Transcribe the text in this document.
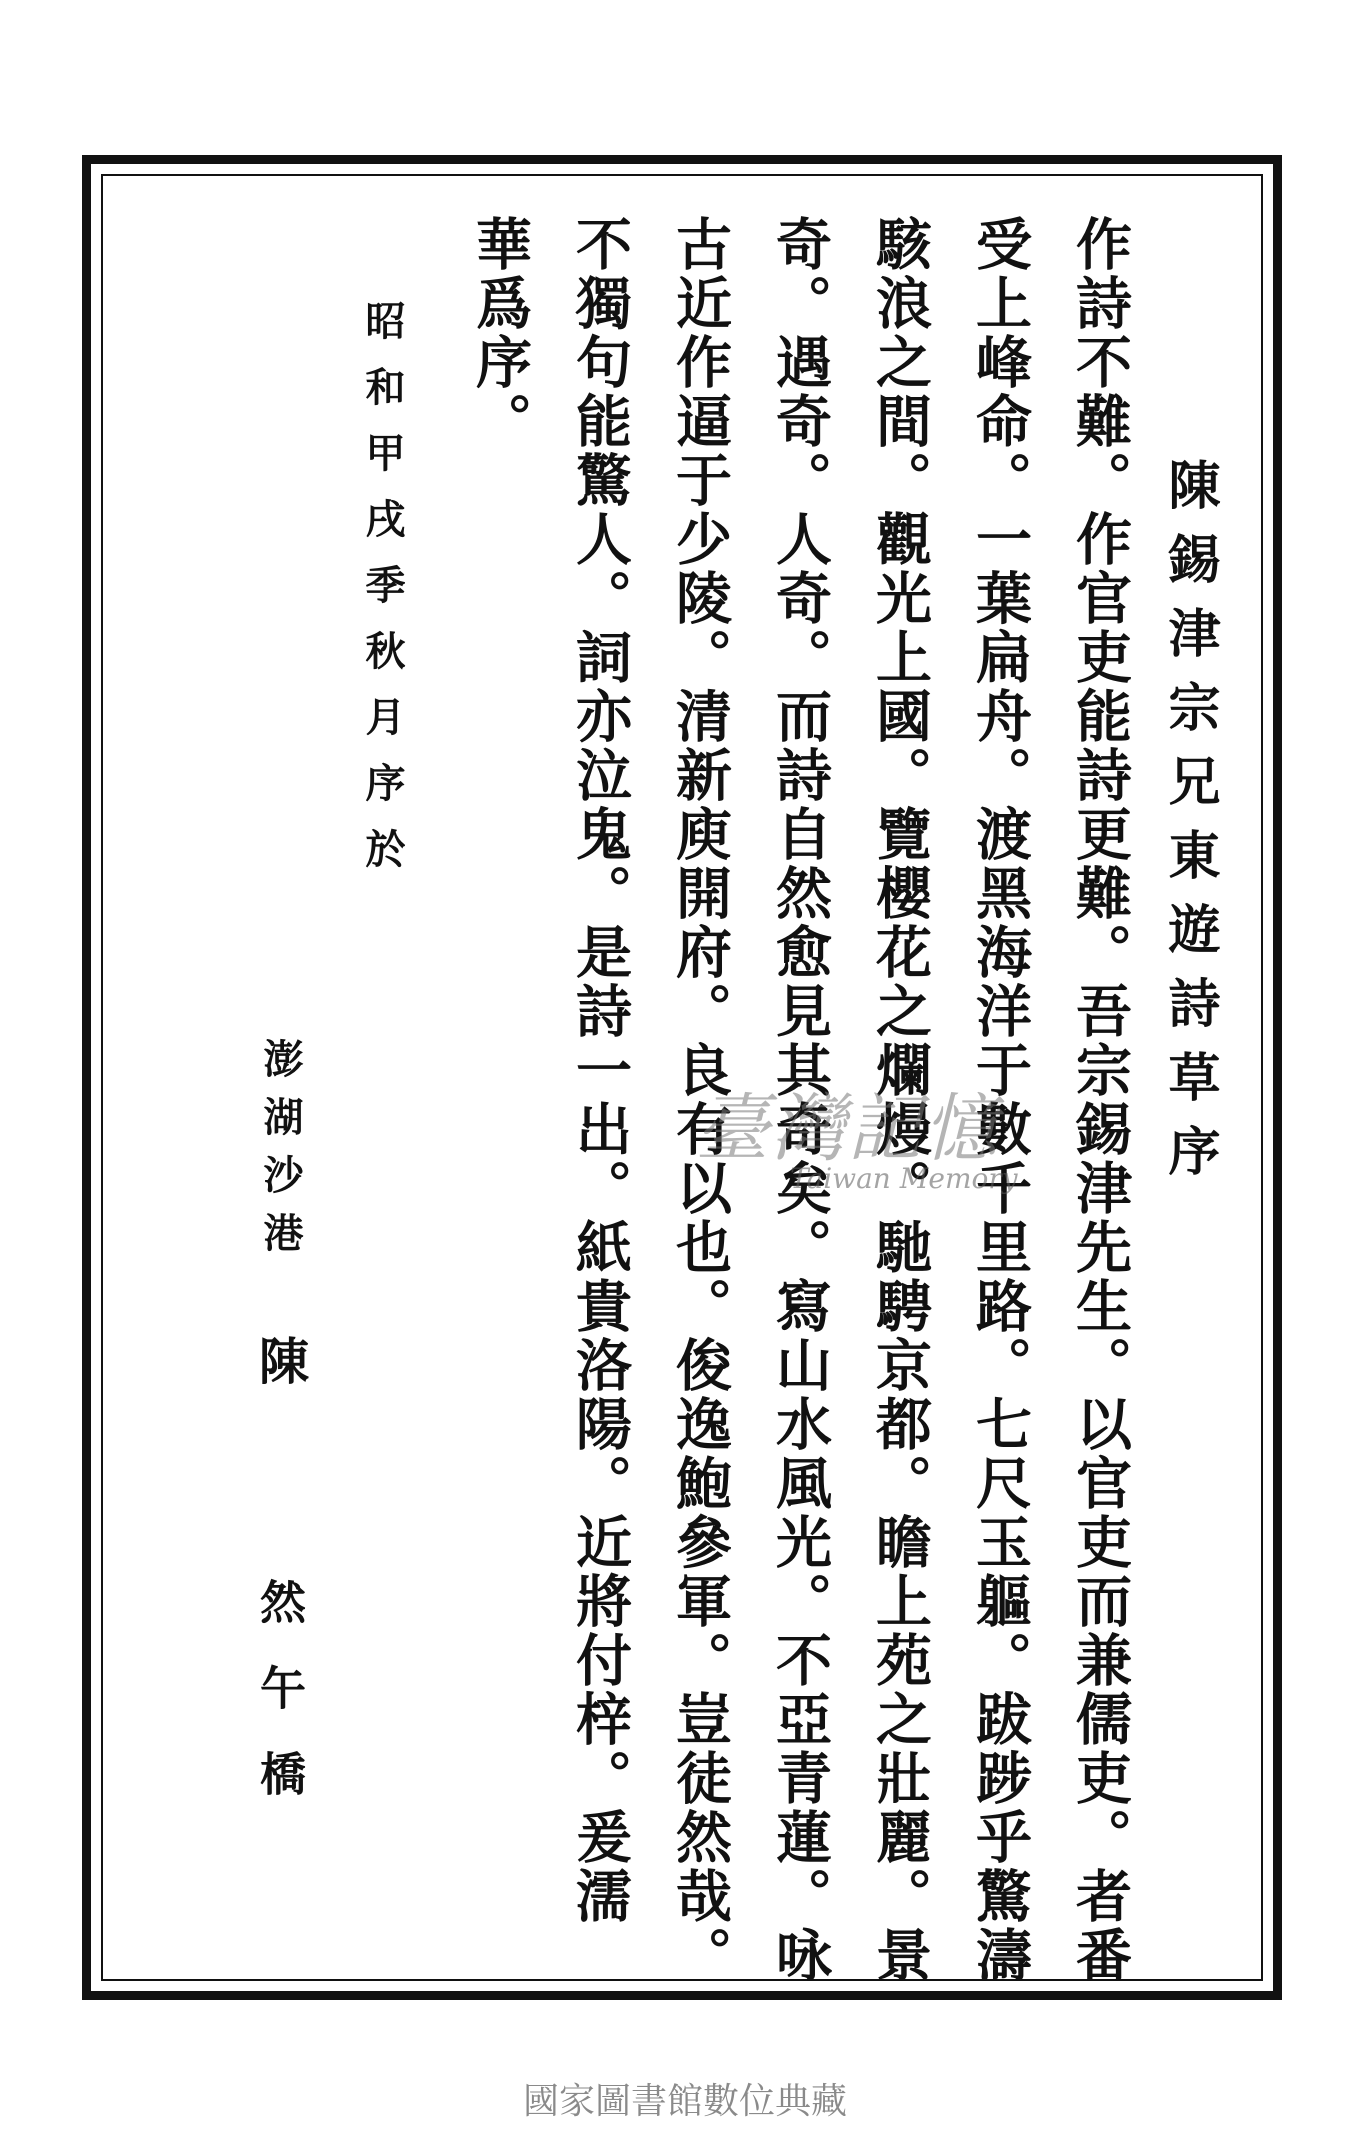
陳錫津宗兄東遊詩草序
作詩不難。作官吏能詩更難。吾宗錫津先生。以官吏而兼儒吏。者番
受上峰命。一葉扁舟。渡黑海洋于數千里路。七尺玉軀。跋踄乎驚濤
駭浪之間。觀光上國。覽櫻花之爛熳。馳騁京都。瞻上苑之壯麗。景
奇。遇奇。人奇。而詩自然愈見其奇矣。寫山水風光。不亞青蓮。咏
古近作逼于少陵。清新庾開府。良有以也。俊逸鮑參軍。豈徒然哉。
不獨句能驚人。詞亦泣鬼。是詩一出。紙貴洛陽。近將付梓。爰濡
華爲序。
昭和甲戌季秋月序於
澎湖沙港
陳
然午橋
臺灣記憶
Taiwan Memory
國家圖書館數位典藏
